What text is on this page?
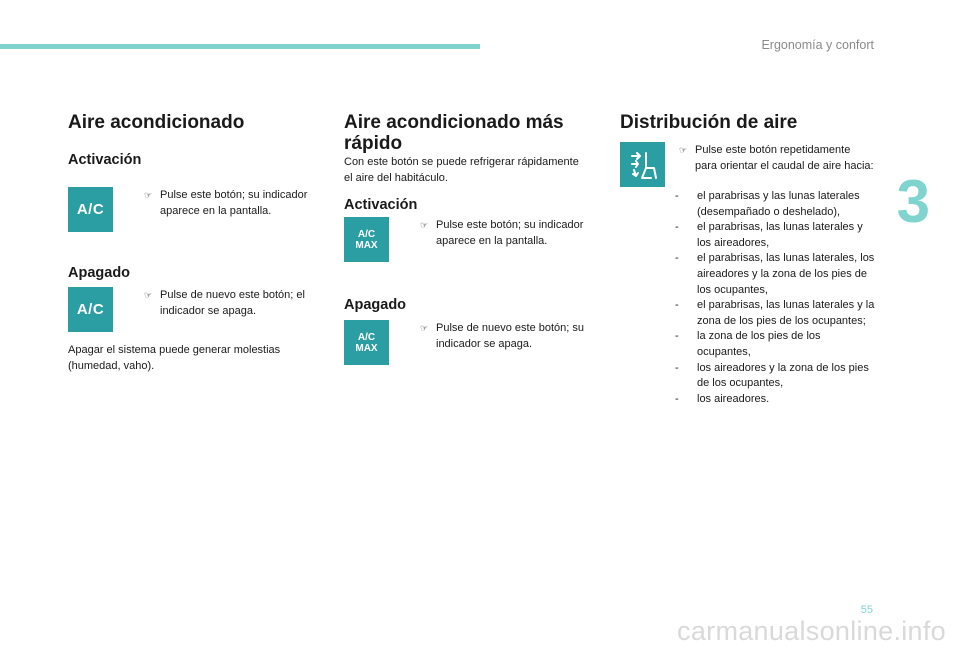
Ergonomía y confort
3
Aire acondicionado
Activación
A/C
☞ Pulse este botón; su indicador aparece en la pantalla.
Apagado
A/C
☞ Pulse de nuevo este botón; el indicador se apaga.

Apagar el sistema puede generar molestias (humedad, vaho).

Aire acondicionado más
rápido

Con este botón se puede refrigerar rápidamente el aire del habitáculo.

Activación
A/C
MAX
☞ Pulse este botón; su indicador aparece en la pantalla.
Apagado
A/C
MAX
☞ Pulse de nuevo este botón; su indicador se apaga.
Distribución de aire
☞ Pulse este botón repetidamente para orientar el caudal de aire hacia:
-	el parabrisas y las lunas laterales (desempañado o deshelado),
-	el parabrisas, las lunas laterales y los aireadores,
-	el parabrisas, las lunas laterales, los aireadores y la zona de los pies de los ocupantes,
-	el parabrisas, las lunas laterales y la zona de los pies de los ocupantes;
-	la zona de los pies de los ocupantes,
-	los aireadores y la zona de los pies de los ocupantes,
-	los aireadores.
55
carmanualsonline.info
